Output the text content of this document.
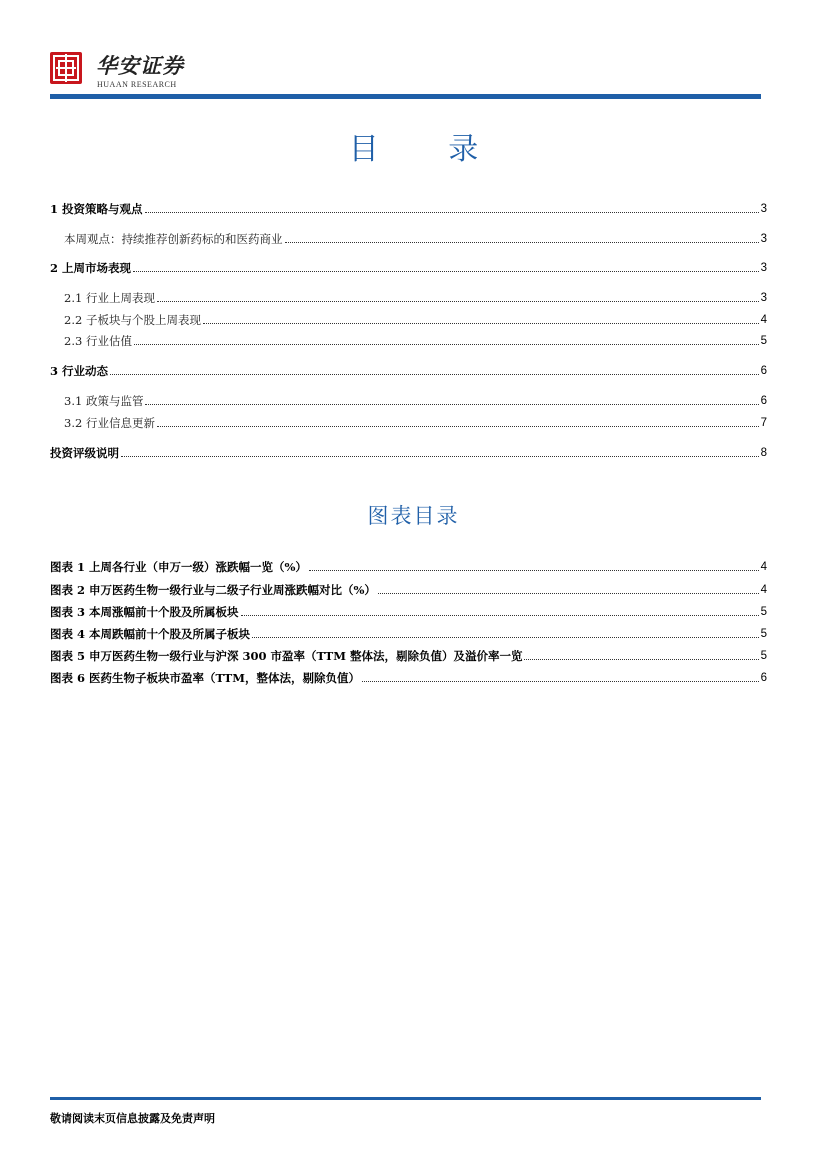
华安证券
HUAAN RESEARCH
目 录
1 投资策略与观点	3
本周观点：持续推荐创新药标的和医药商业	3
2 上周市场表现	3
2.1 行业上周表现	3
2.2 子板块与个股上周表现	4
2.3 行业估值	5
3 行业动态	6
3.1 政策与监管	6
3.2 行业信息更新	7
投资评级说明	8
图表目录
图表 1 上周各行业（申万一级）涨跌幅一览（%）	4
图表 2 申万医药生物一级行业与二级子行业周涨跌幅对比（%）	4
图表 3 本周涨幅前十个股及所属板块	5
图表 4 本周跌幅前十个股及所属子板块	5
图表 5 申万医药生物一级行业与沪深 300 市盈率（TTM 整体法，剔除负值）及溢价率一览	5
图表 6 医药生物子板块市盈率（TTM，整体法，剔除负值）	6
敬请阅读末页信息披露及免责声明
